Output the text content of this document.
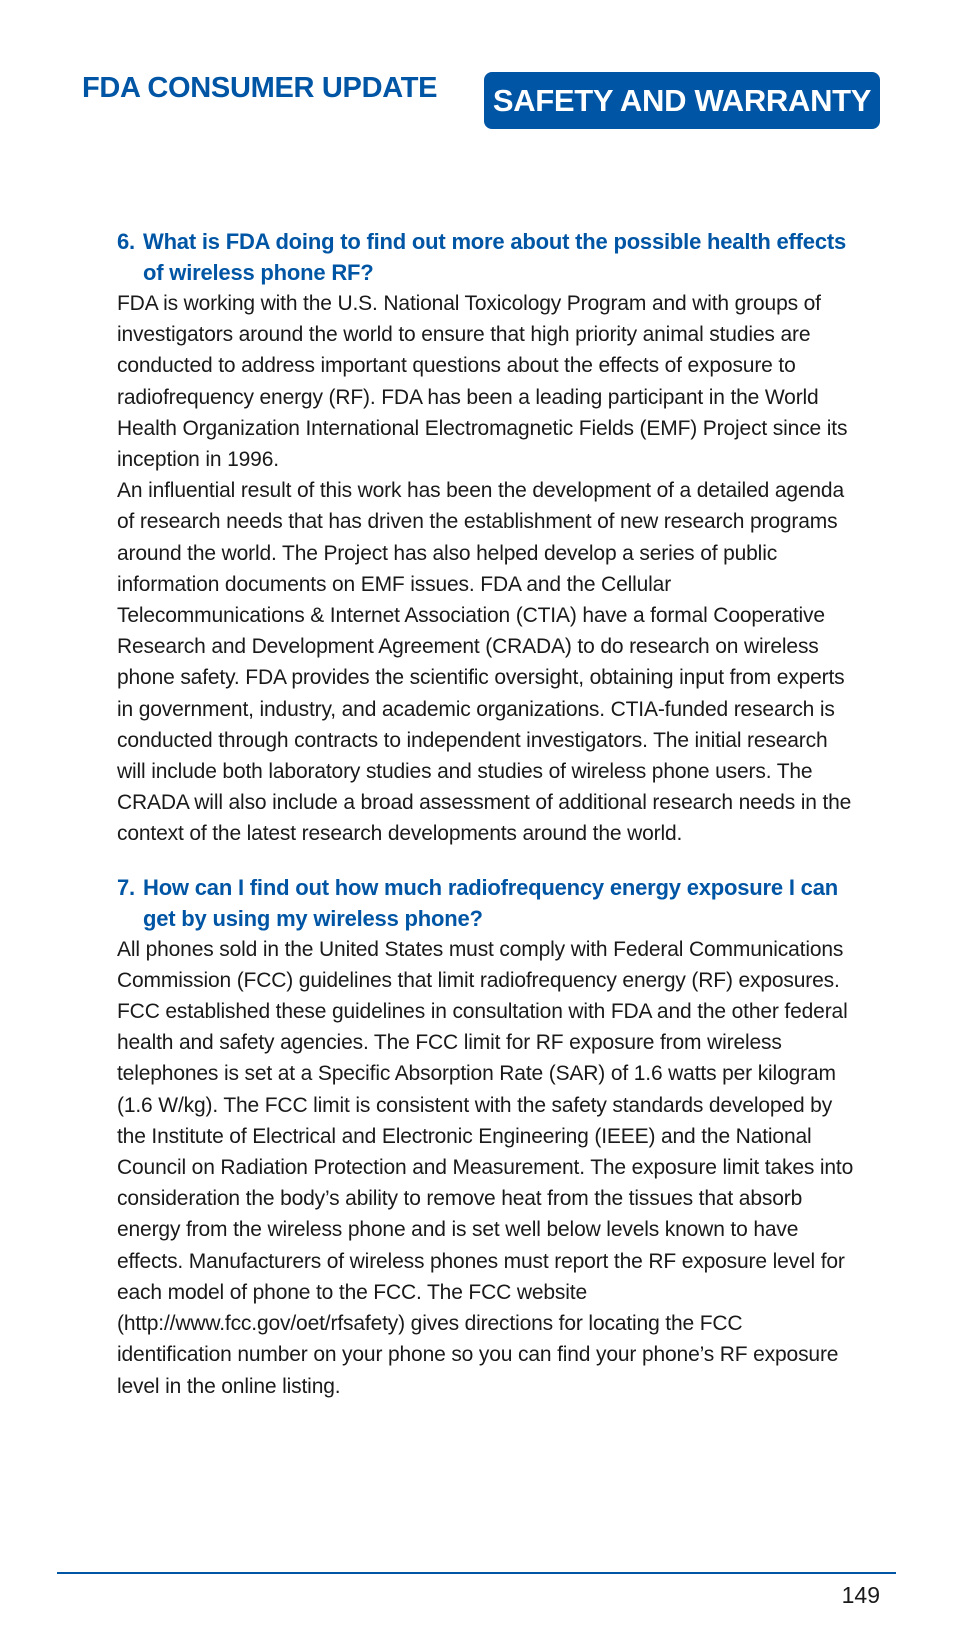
FDA CONSUMER UPDATE SAFETY AND WARRANTY
6. What is FDA doing to find out more about the possible health effects of wireless phone RF?

FDA is working with the U.S. National Toxicology Program and with groups of investigators around the world to ensure that high priority animal studies are conducted to address important questions about the effects of exposure to radiofrequency energy (RF). FDA has been a leading participant in the World Health Organization International Electromagnetic Fields (EMF) Project since its inception in 1996.

An influential result of this work has been the development of a detailed agenda of research needs that has driven the establishment of new research programs around the world. The Project has also helped develop a series of public information documents on EMF issues. FDA and the Cellular Telecommunications & Internet Association (CTIA) have a formal Cooperative Research and Development Agreement (CRADA) to do research on wireless phone safety. FDA provides the scientific oversight, obtaining input from experts in government, industry, and academic organizations. CTIA-funded research is conducted through contracts to independent investigators. The initial research will include both laboratory studies and studies of wireless phone users. The CRADA will also include a broad assessment of additional research needs in the context of the latest research developments around the world.

7. How can I find out how much radiofrequency energy exposure I can get by using my wireless phone?

All phones sold in the United States must comply with Federal Communications Commission (FCC) guidelines that limit radiofrequency energy (RF) exposures. FCC established these guidelines in consultation with FDA and the other federal health and safety agencies. The FCC limit for RF exposure from wireless telephones is set at a Specific Absorption Rate (SAR) of 1.6 watts per kilogram (1.6 W/kg). The FCC limit is consistent with the safety standards developed by the Institute of Electrical and Electronic Engineering (IEEE) and the National Council on Radiation Protection and Measurement. The exposure limit takes into consideration the body’s ability to remove heat from the tissues that absorb energy from the wireless phone and is set well below levels known to have effects. Manufacturers of wireless phones must report the RF exposure level for each model of phone to the FCC. The FCC website (http://www.fcc.gov/oet/rfsafety) gives directions for locating the FCC identification number on your phone so you can find your phone’s RF exposure level in the online listing.

149
